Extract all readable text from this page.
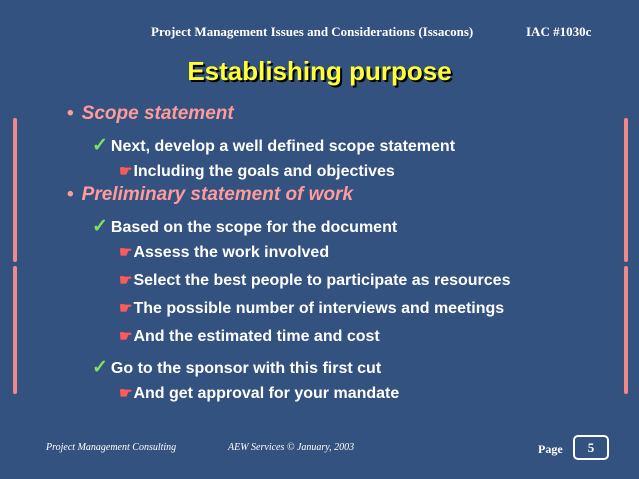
Project Management Issues and Considerations (Issacons)	IAC #1030c
Establishing purpose
• Scope statement
✓ Next, develop a well defined scope statement
☛Including the goals and objectives
• Preliminary statement of work
✓ Based on the scope for the document
☛Assess the work involved
☛Select the best people to participate as resources
☛The possible number of interviews and meetings
☛And the estimated time and cost
✓ Go to the sponsor with this first cut
☛And get approval for your mandate
Project Management Consulting	AEW Services © January, 2003	Page	5
